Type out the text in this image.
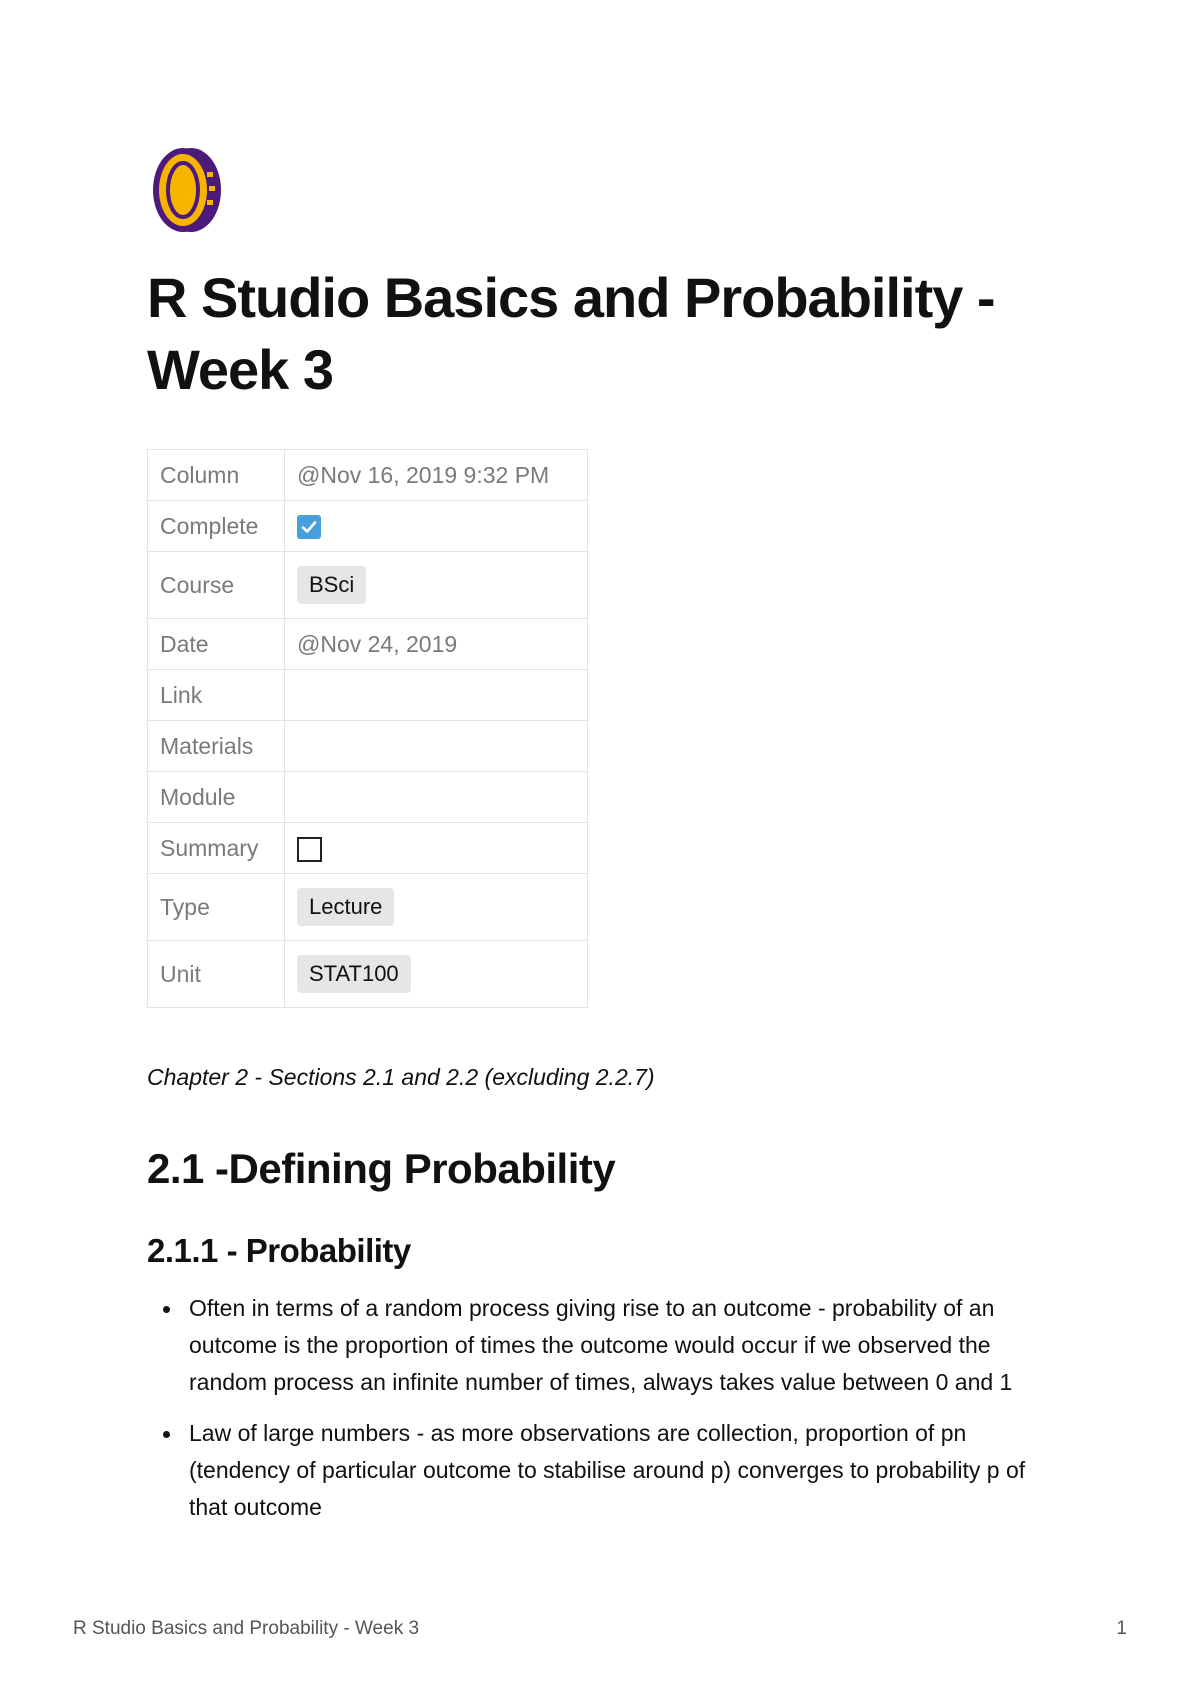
R Studio Basics and Probability - Week 3
Column	@Nov 16, 2019 9:32 PM
Complete	

Course	BSci
Date	@Nov 24, 2019
Link	
Materials	
Module	
Summary	
Type	Lecture
Unit	STAT100

Chapter 2 - Sections 2.1 and 2.2 (excluding 2.2.7)

2.1 -Defining Probability
2.1.1 - Probability
Often in terms of a random process giving rise to an outcome - probability of an outcome is the proportion of times the outcome would occur if we observed the random process an infinite number of times, always takes value between 0 and 1
Law of large numbers - as more observations are collection, proportion of pn (tendency of particular outcome to stabilise around p) converges to probability p of that outcome
R Studio Basics and Probability - Week 3	1
